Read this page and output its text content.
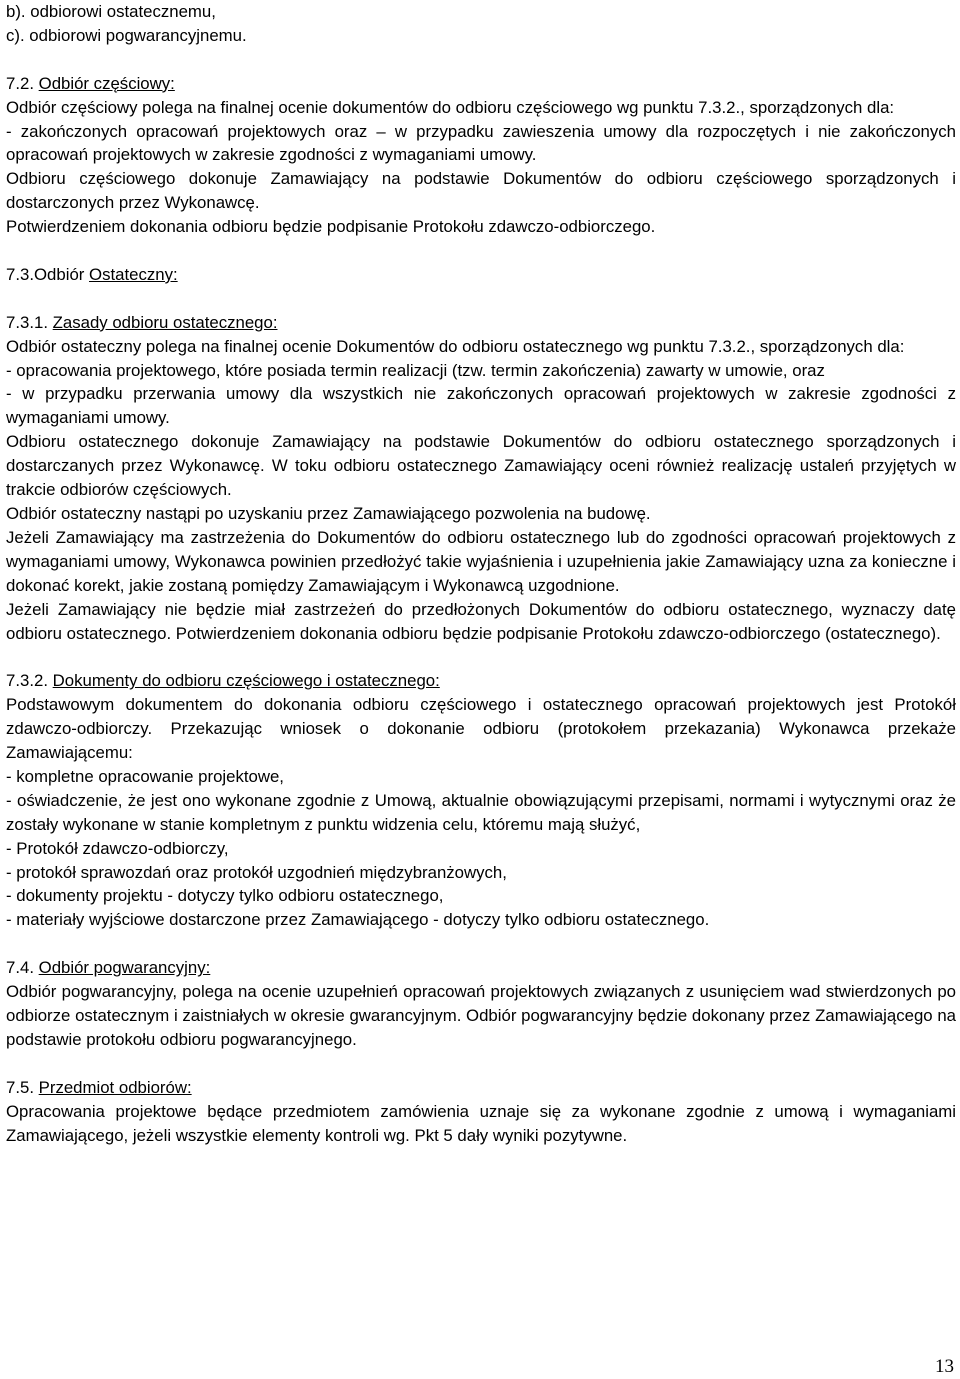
b). odbiorowi ostatecznemu,

c). odbiorowi pogwarancyjnemu.

7.2. Odbiór częściowy:

Odbiór częściowy polega na finalnej ocenie dokumentów do odbioru częściowego wg punktu 7.3.2., sporządzonych dla:

- zakończonych opracowań projektowych oraz – w przypadku zawieszenia umowy dla rozpoczętych i nie zakończonych opracowań projektowych w zakresie zgodności z wymaganiami umowy.

Odbioru częściowego dokonuje Zamawiający na podstawie Dokumentów do odbioru częściowego sporządzonych i dostarczonych przez Wykonawcę.

Potwierdzeniem dokonania odbioru będzie podpisanie Protokołu zdawczo-odbiorczego.

7.3.Odbiór Ostateczny:

7.3.1. Zasady odbioru ostatecznego:

Odbiór ostateczny polega na finalnej ocenie Dokumentów do odbioru ostatecznego wg punktu 7.3.2., sporządzonych dla:

- opracowania projektowego, które posiada termin realizacji (tzw. termin zakończenia) zawarty w umowie, oraz

- w przypadku przerwania umowy dla wszystkich nie zakończonych opracowań projektowych w zakresie zgodności z wymaganiami umowy.

Odbioru ostatecznego dokonuje Zamawiający na podstawie Dokumentów do odbioru ostatecznego sporządzonych i dostarczanych przez Wykonawcę. W toku odbioru ostatecznego Zamawiający oceni również realizację ustaleń przyjętych w trakcie odbiorów częściowych.

Odbiór ostateczny nastąpi po uzyskaniu przez Zamawiającego pozwolenia na budowę.

Jeżeli Zamawiający ma zastrzeżenia do Dokumentów do odbioru ostatecznego lub do zgodności opracowań projektowych z wymaganiami umowy, Wykonawca powinien przedłożyć takie wyjaśnienia i uzupełnienia jakie Zamawiający uzna za konieczne i dokonać korekt, jakie zostaną pomiędzy Zamawiającym i Wykonawcą uzgodnione.

Jeżeli Zamawiający nie będzie miał zastrzeżeń do przedłożonych Dokumentów do odbioru ostatecznego, wyznaczy datę odbioru ostatecznego. Potwierdzeniem dokonania odbioru będzie podpisanie Protokołu zdawczo-odbiorczego (ostatecznego).

7.3.2. Dokumenty do odbioru częściowego i ostatecznego:

Podstawowym dokumentem do dokonania odbioru częściowego i ostatecznego opracowań projektowych jest Protokół zdawczo-odbiorczy. Przekazując wniosek o dokonanie odbioru (protokołem przekazania) Wykonawca przekaże Zamawiającemu:

- kompletne opracowanie projektowe,

- oświadczenie, że jest ono wykonane zgodnie z Umową, aktualnie obowiązującymi przepisami, normami i wytycznymi oraz że zostały wykonane w stanie kompletnym z punktu widzenia celu, któremu mają służyć,

- Protokół zdawczo-odbiorczy,

- protokół sprawozdań oraz protokół uzgodnień międzybranżowych,

- dokumenty projektu - dotyczy tylko odbioru ostatecznego,

- materiały wyjściowe dostarczone przez Zamawiającego - dotyczy tylko odbioru ostatecznego.

7.4. Odbiór pogwarancyjny:

Odbiór pogwarancyjny, polega na ocenie uzupełnień opracowań projektowych związanych z usunięciem wad stwierdzonych po odbiorze ostatecznym i zaistniałych w okresie gwarancyjnym. Odbiór pogwarancyjny będzie dokonany przez Zamawiającego na podstawie protokołu odbioru pogwarancyjnego.

7.5. Przedmiot odbiorów:

Opracowania projektowe będące przedmiotem zamówienia uznaje się za wykonane zgodnie z umową i wymaganiami Zamawiającego, jeżeli wszystkie elementy kontroli wg. Pkt 5 dały wyniki pozytywne.

13
